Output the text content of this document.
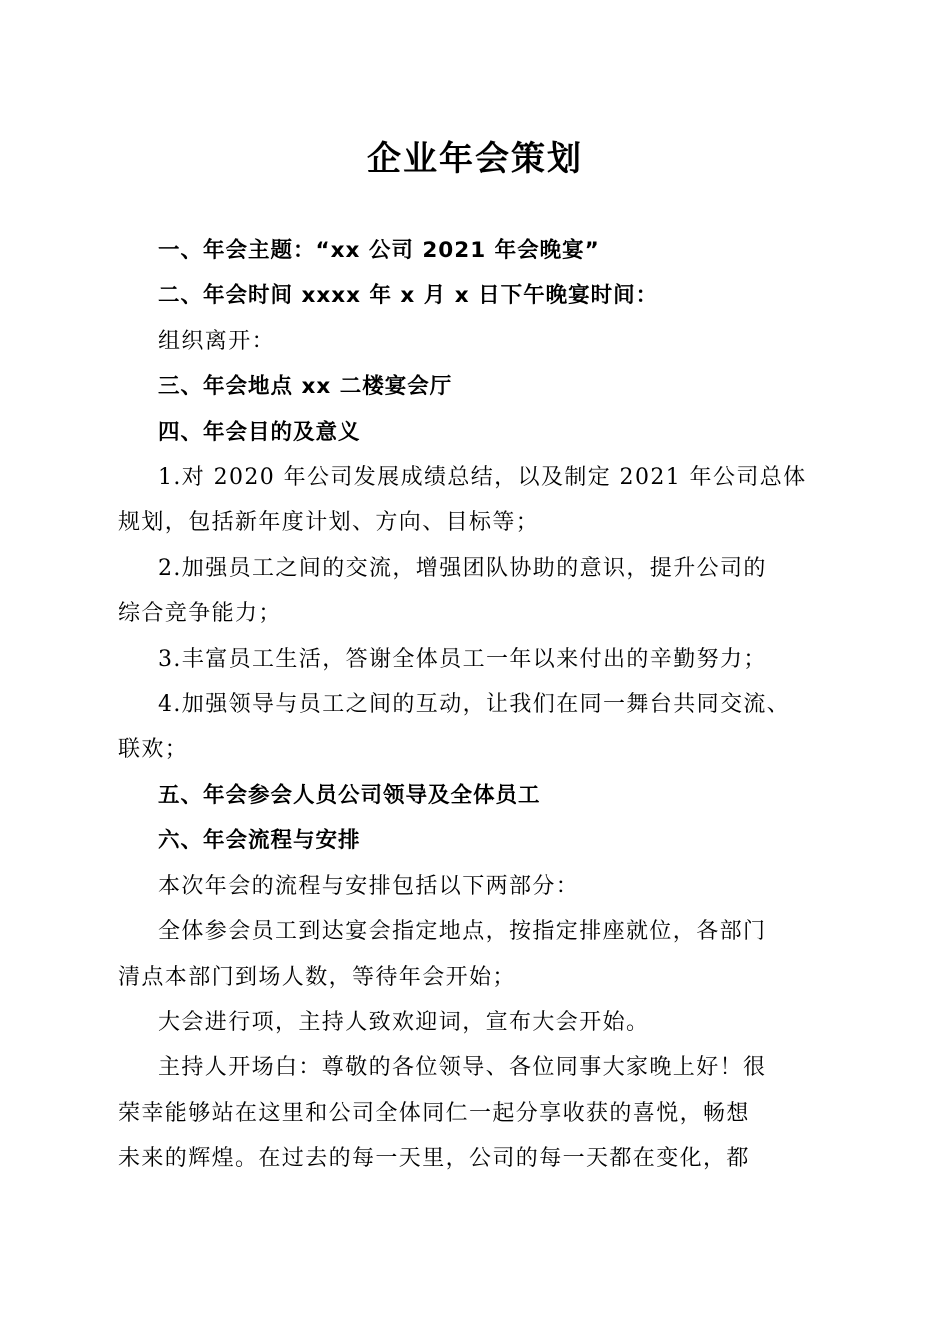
企业年会策划

一、年会主题：“xx 公司 2021 年会晚宴”

二、年会时间 xxxx 年 x 月 x 日下午晚宴时间：

组织离开：

三、年会地点 xx 二楼宴会厅

四、年会目的及意义

1.对 2020 年公司发展成绩总结，以及制定 2021 年公司总体
规划，包括新年度计划、方向、目标等；

2.加强员工之间的交流，增强团队协助的意识，提升公司的
综合竞争能力；

3.丰富员工生活，答谢全体员工一年以来付出的辛勤努力；

4.加强领导与员工之间的互动，让我们在同一舞台共同交流、
联欢；

五、年会参会人员公司领导及全体员工

六、年会流程与安排

本次年会的流程与安排包括以下两部分：

全体参会员工到达宴会指定地点，按指定排座就位，各部门
清点本部门到场人数，等待年会开始；

大会进行项，主持人致欢迎词，宣布大会开始。

主持人开场白：尊敬的各位领导、各位同事大家晚上好！很
荣幸能够站在这里和公司全体同仁一起分享收获的喜悦，畅想
未来的辉煌。在过去的每一天里，公司的每一天都在变化，都
